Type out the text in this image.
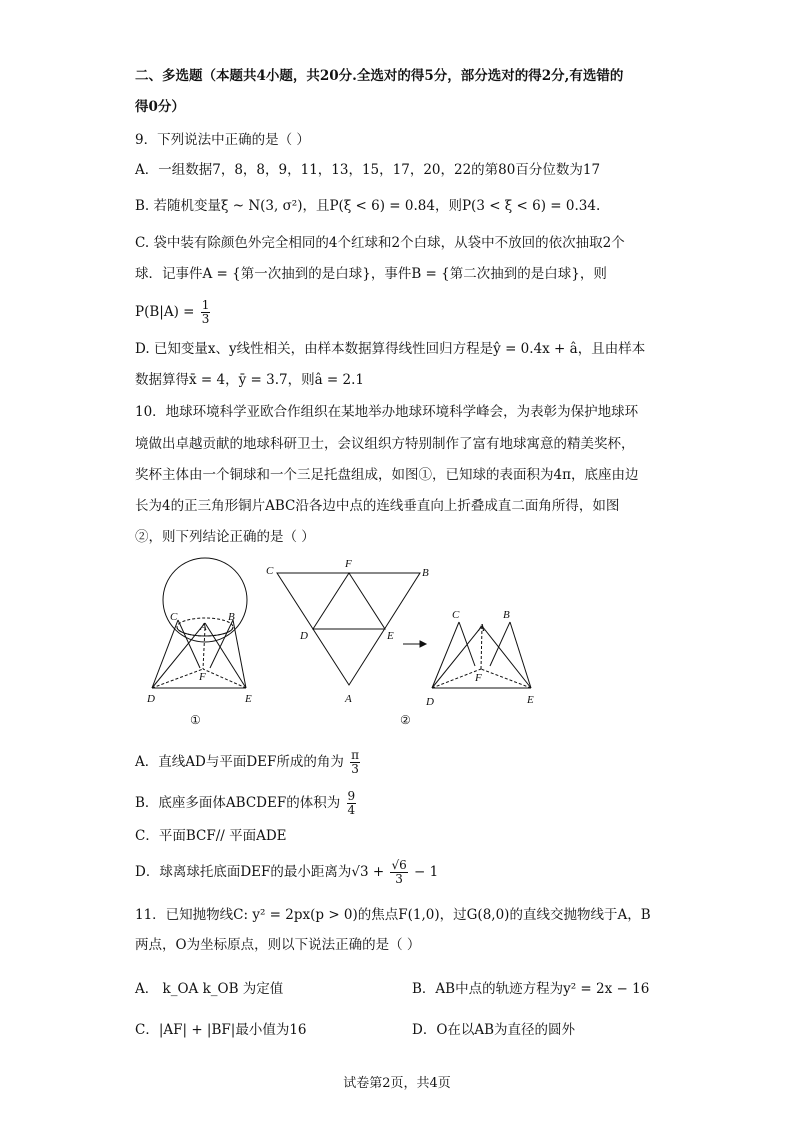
二、多选题（本题共4小题，共20分.全选对的得5分，部分选对的得2分,有选错的
得0分）
9．下列说法中正确的是（ ）
A．一组数据7，8，8，9，11，13，15，17，20，22的第80百分位数为17
B. 若随机变量ξ ~ N(3, σ²)，且P(ξ < 6) = 0.84，则P(3 < ξ < 6) = 0.34.
C. 袋中装有除颜色外完全相同的4个红球和2个白球，从袋中不放回的依次抽取2个
球．记事件A = {第一次抽到的是白球}，事件B = {第二次抽到的是白球}，则
$P(B|A) = \frac{1}{3}$
D. 已知变量x、y线性相关，由样本数据算得线性回归方程是ŷ = 0.4x + â，且由样本
数据算得x̄ = 4，ȳ = 3.7，则â = 2.1
10．地球环境科学亚欧合作组织在某地举办地球环境科学峰会，为表彰为保护地球环
境做出卓越贡献的地球科研卫士，会议组织方特别制作了富有地球寓意的精美奖杯，
奖杯主体由一个铜球和一个三足托盘组成，如图①，已知球的表面积为4π，底座由边
长为4的正三角形铜片ABC沿各边中点的连线垂直向上折叠成直二面角所得，如图
②，则下列结论正确的是（ ）
C	B
A
F
D	E
①
C	B
F
D	E
A
C
A
B
F
D	E
②
A．直线AD与平面DEF所成的角为 $\frac{\pi}{3}$
B．底座多面体ABCDEF的体积为 $\frac{9}{4}$
C．平面BCF// 平面ADE
D．球离球托底面DEF的最小距离为$√3 + \frac{√6}{3} - 1$
11．已知抛物线C: y² = 2px(p > 0)的焦点F(1,0)，过G(8,0)的直线交抛物线于A，B
两点，O为坐标原点，则以下说法正确的是（ ）
A． k_OA k_OB 为定值	B．AB中点的轨迹方程为y² = 2x − 16
C．|AF| + |BF|最小值为16	D．O在以AB为直径的圆外
试卷第2页，共4页
